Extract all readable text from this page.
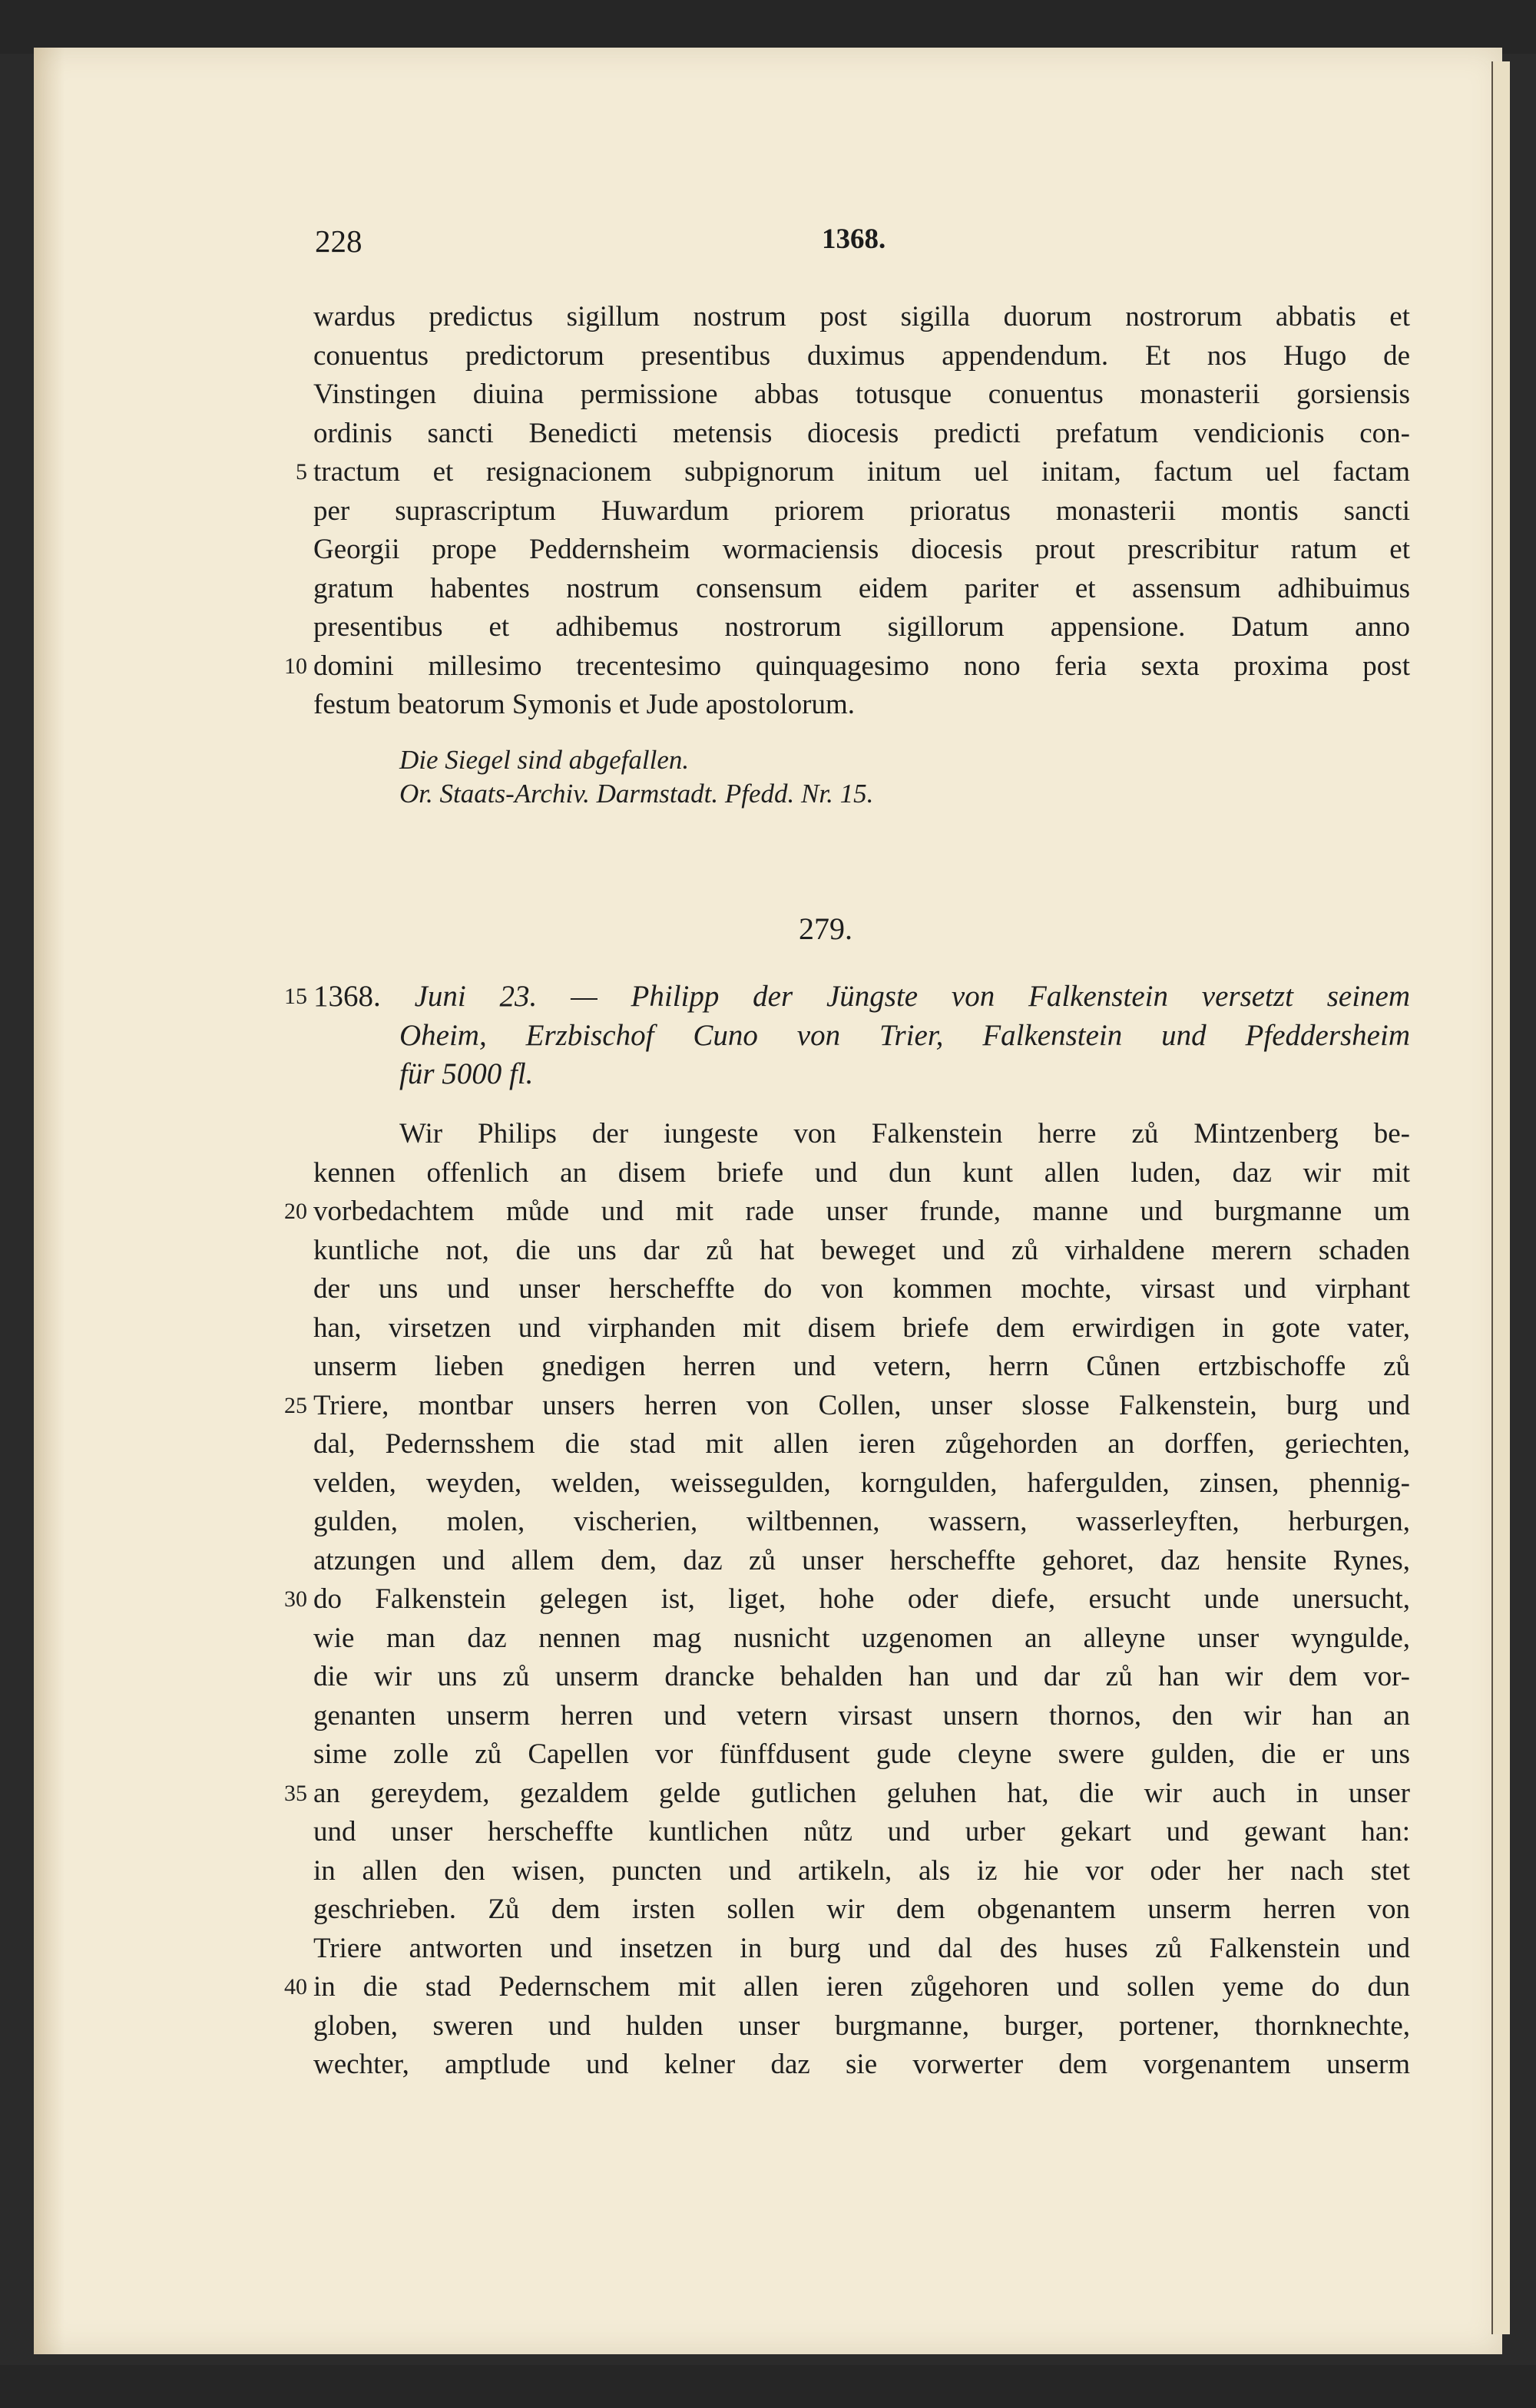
228	1368.
wardus predictus sigillum nostrum post sigilla duorum nostrorum abbatis et
conuentus predictorum presentibus duximus appendendum. Et nos Hugo de
Vinstingen diuina permissione abbas totusque conuentus monasterii gorsiensis
ordinis sancti Benedicti metensis diocesis predicti prefatum vendicionis con-
5 tractum et resignacionem subpignorum initum uel initam, factum uel factam
per suprascriptum Huwardum priorem prioratus monasterii montis sancti
Georgii prope Peddernsheim wormaciensis diocesis prout prescribitur ratum et
gratum habentes nostrum consensum eidem pariter et assensum adhibuimus
presentibus et adhibemus nostrorum sigillorum appensione. Datum anno
10 domini millesimo trecentesimo quinquagesimo nono feria sexta proxima post
festum beatorum Symonis et Jude apostolorum.
Die Siegel sind abgefallen.
Or. Staats-Archiv. Darmstadt. Pfedd. Nr. 15.
279.
15 1368. Juni 23. — Philipp der Jüngste von Falkenstein versetzt seinem
Oheim, Erzbischof Cuno von Trier, Falkenstein und Pfeddersheim
für 5000 fl.
Wir Philips der iungeste von Falkenstein herre zů Mintzenberg be-
kennen offenlich an disem briefe und dun kunt allen luden, daz wir mit
20 vorbedachtem můde und mit rade unser frunde, manne und burgmanne um
kuntliche not, die uns dar zů hat beweget und zů virhaldene merern schaden
der uns und unser herscheffte do von kommen mochte, virsast und virphant
han, virsetzen und virphanden mit disem briefe dem erwirdigen in gote vater,
unserm lieben gnedigen herren und vetern, herrn Cůnen ertzbischoffe zů
25 Triere, montbar unsers herren von Collen, unser slosse Falkenstein, burg und
dal, Pedernsshem die stad mit allen ieren zůgehorden an dorffen, geriechten,
velden, weyden, welden, weissegulden, korngulden, hafergulden, zinsen, phennig-
gulden, molen, vischerien, wiltbennen, wassern, wasserleyften, herburgen,
atzungen und allem dem, daz zů unser herscheffte gehoret, daz hensite Rynes,
30 do Falkenstein gelegen ist, liget, hohe oder diefe, ersucht unde unersucht,
wie man daz nennen mag nusnicht uzgenomen an alleyne unser wyngulde,
die wir uns zů unserm drancke behalden han und dar zů han wir dem vor-
genanten unserm herren und vetern virsast unsern thornos, den wir han an
sime zolle zů Capellen vor fünffdusent gude cleyne swere gulden, die er uns
35 an gereydem, gezaldem gelde gutlichen geluhen hat, die wir auch in unser
und unser herscheffte kuntlichen nůtz und urber gekart und gewant han:
in allen den wisen, puncten und artikeln, als iz hie vor oder her nach stet
geschrieben. Zů dem irsten sollen wir dem obgenantem unserm herren von
Triere antworten und insetzen in burg und dal des huses zů Falkenstein und
40 in die stad Pedernschem mit allen ieren zůgehoren und sollen yeme do dun
globen, sweren und hulden unser burgmanne, burger, portener, thornknechte,
wechter, amptlude und kelner daz sie vorwerter dem vorgenantem unserm
